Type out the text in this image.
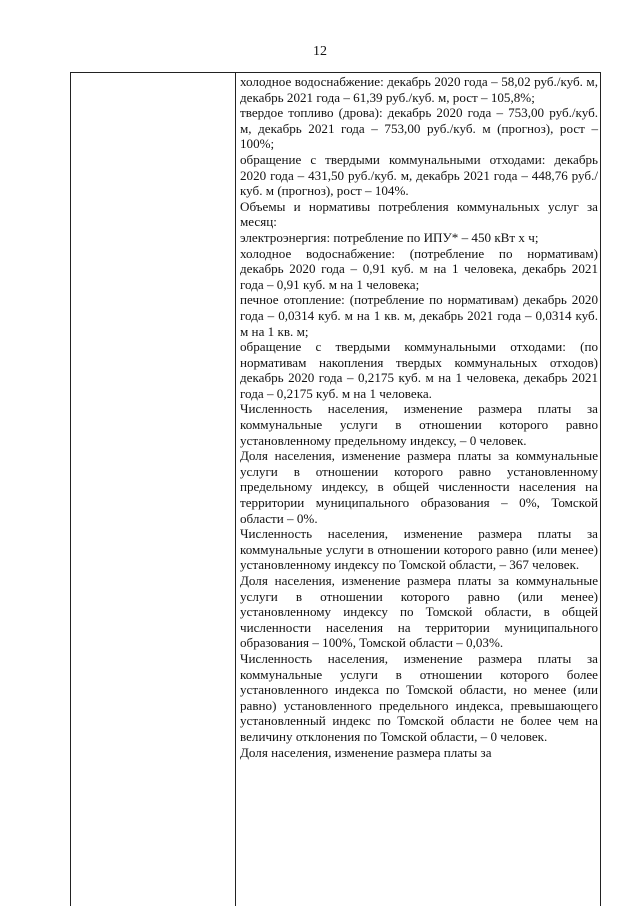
12

холодное водоснабжение: декабрь 2020 года – 58,02 руб./куб. м, декабрь 2021 года – 61,39 руб./куб. м, рост – 105,8%;

твердое топливо (дрова): декабрь 2020 года – 753,00 руб./куб. м, декабрь 2021 года – 753,00 руб./куб. м (прогноз), рост – 100%;

обращение с твердыми коммунальными отходами: декабрь 2020 года – 431,50 руб./куб. м, декабрь 2021 года – 448,76 руб./куб. м (прогноз), рост – 104%.

Объемы и нормативы потребления коммунальных услуг за месяц:

электроэнергия: потребление по ИПУ* – 450 кВт х ч;

холодное водоснабжение: (потребление по нормативам) декабрь 2020 года – 0,91 куб. м на 1 человека, декабрь 2021 года – 0,91 куб. м на 1 человека;

печное отопление: (потребление по нормативам) декабрь 2020 года – 0,0314 куб. м на 1 кв. м, декабрь 2021 года – 0,0314 куб. м на 1 кв. м;

обращение с твердыми коммунальными отходами: (по нормативам накопления твердых коммунальных отходов) декабрь 2020 года – 0,2175 куб. м на 1 человека, декабрь 2021 года – 0,2175 куб. м на 1 человека.

Численность населения, изменение размера платы за коммунальные услуги в отношении которого равно установленному предельному индексу, – 0 человек.

Доля населения, изменение размера платы за коммунальные услуги в отношении которого равно установленному предельному индексу, в общей численности населения на территории муниципального образования – 0%, Томской области – 0%.

Численность населения, изменение размера платы за коммунальные услуги в отношении которого равно (или менее) установленному индексу по Томской области, – 367 человек.

Доля населения, изменение размера платы за коммунальные услуги в отношении которого равно (или менее) установленному индексу по Томской области, в общей численности населения на территории муниципального образования – 100%, Томской области – 0,03%.

Численность населения, изменение размера платы за коммунальные услуги в отношении которого более установленного индекса по Томской области, но менее (или равно) установленного предельного индекса, превышающего установленный индекс по Томской области не более чем на величину отклонения по Томской области, – 0 человек.

Доля населения, изменение размера платы за
